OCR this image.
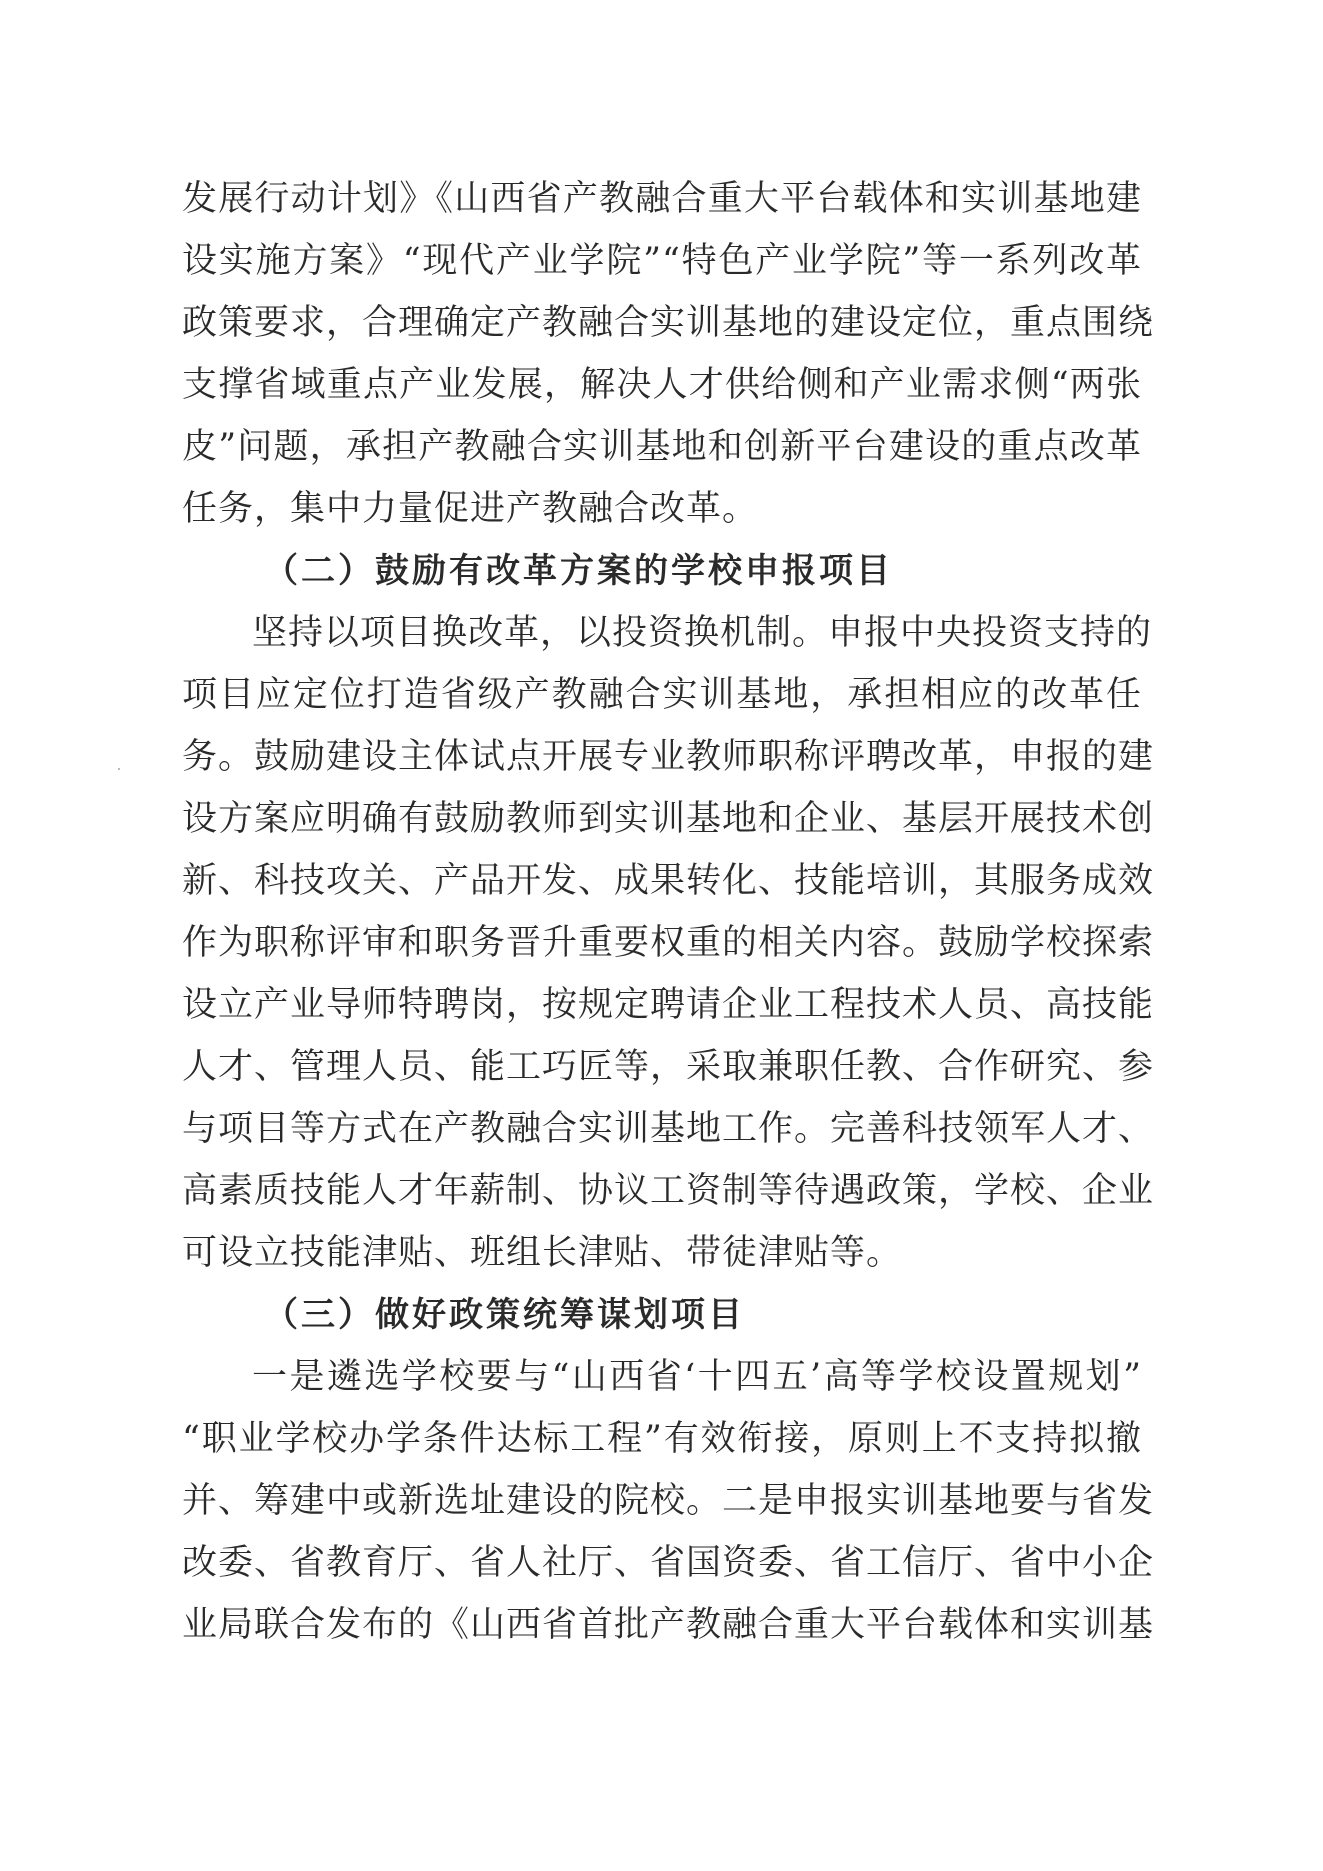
发展行动计划》《山西省产教融合重大平台载体和实训基地建
设实施方案》“现代产业学院”“特色产业学院”等一系列改革
政策要求，合理确定产教融合实训基地的建设定位，重点围绕
支撑省域重点产业发展，解决人才供给侧和产业需求侧“两张
皮”问题，承担产教融合实训基地和创新平台建设的重点改革
任务，集中力量促进产教融合改革。
（二）鼓励有改革方案的学校申报项目
坚持以项目换改革，以投资换机制。申报中央投资支持的
项目应定位打造省级产教融合实训基地，承担相应的改革任
务。鼓励建设主体试点开展专业教师职称评聘改革，申报的建
设方案应明确有鼓励教师到实训基地和企业、基层开展技术创
新、科技攻关、产品开发、成果转化、技能培训，其服务成效
作为职称评审和职务晋升重要权重的相关内容。鼓励学校探索
设立产业导师特聘岗，按规定聘请企业工程技术人员、高技能
人才、管理人员、能工巧匠等，采取兼职任教、合作研究、参
与项目等方式在产教融合实训基地工作。完善科技领军人才、
高素质技能人才年薪制、协议工资制等待遇政策，学校、企业
可设立技能津贴、班组长津贴、带徒津贴等。
（三）做好政策统筹谋划项目
一是遴选学校要与“山西省‘十四五’高等学校设置规划”
“职业学校办学条件达标工程”有效衔接，原则上不支持拟撤
并、筹建中或新选址建设的院校。二是申报实训基地要与省发
改委、省教育厅、省人社厅、省国资委、省工信厅、省中小企
业局联合发布的《山西省首批产教融合重大平台载体和实训基
